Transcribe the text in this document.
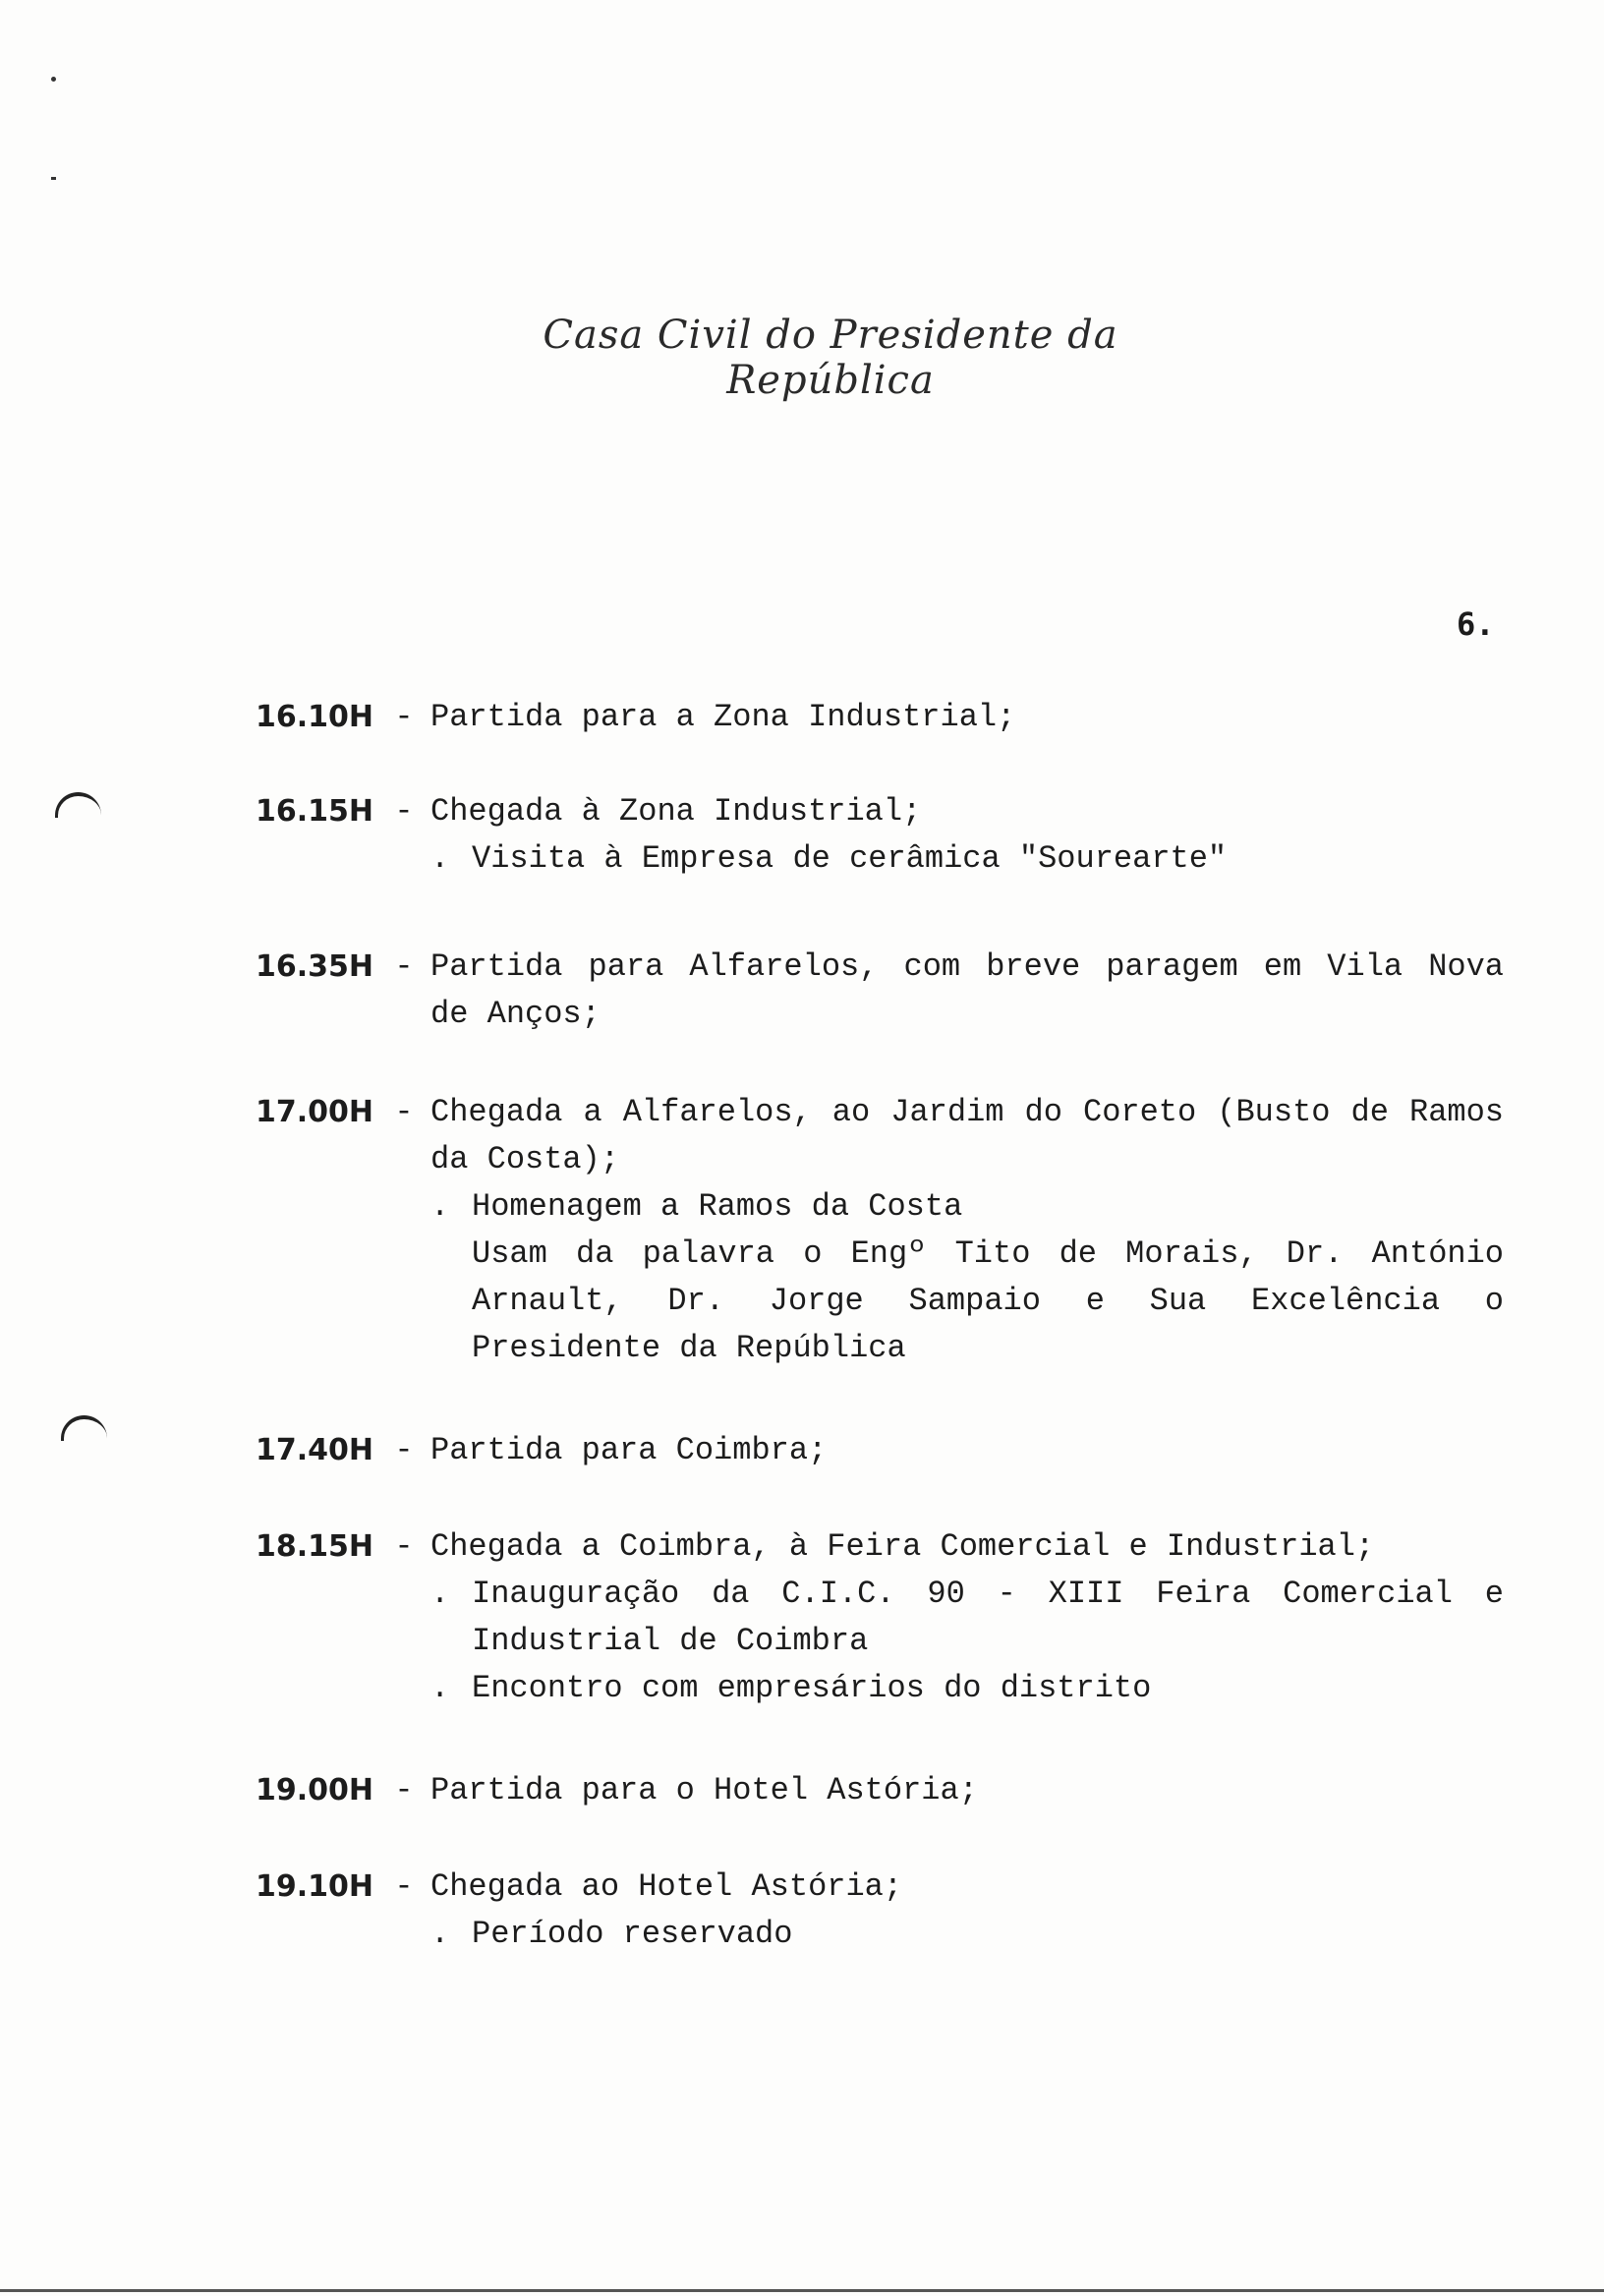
Casa Civil do Presidente da República
6.
16.10H - Partida para a Zona Industrial;
16.15H - Chegada à Zona Industrial;
. Visita à Empresa de cerâmica "Sourearte"
16.35H - Partida para Alfarelos, com breve paragem em Vila Nova de Anços;
17.00H - Chegada a Alfarelos, ao Jardim do Coreto (Busto de Ramos da Costa);
. Homenagem a Ramos da Costa
Usam da palavra o Engº Tito de Morais, Dr. António Arnault, Dr. Jorge Sampaio e Sua Excelência o Presidente da República
17.40H - Partida para Coimbra;
18.15H - Chegada a Coimbra, à Feira Comercial e Industrial;
. Inauguração da C.I.C. 90 - XIII Feira Comercial e Industrial de Coimbra
. Encontro com empresários do distrito
19.00H - Partida para o Hotel Astória;
19.10H - Chegada ao Hotel Astória;
. Período reservado
